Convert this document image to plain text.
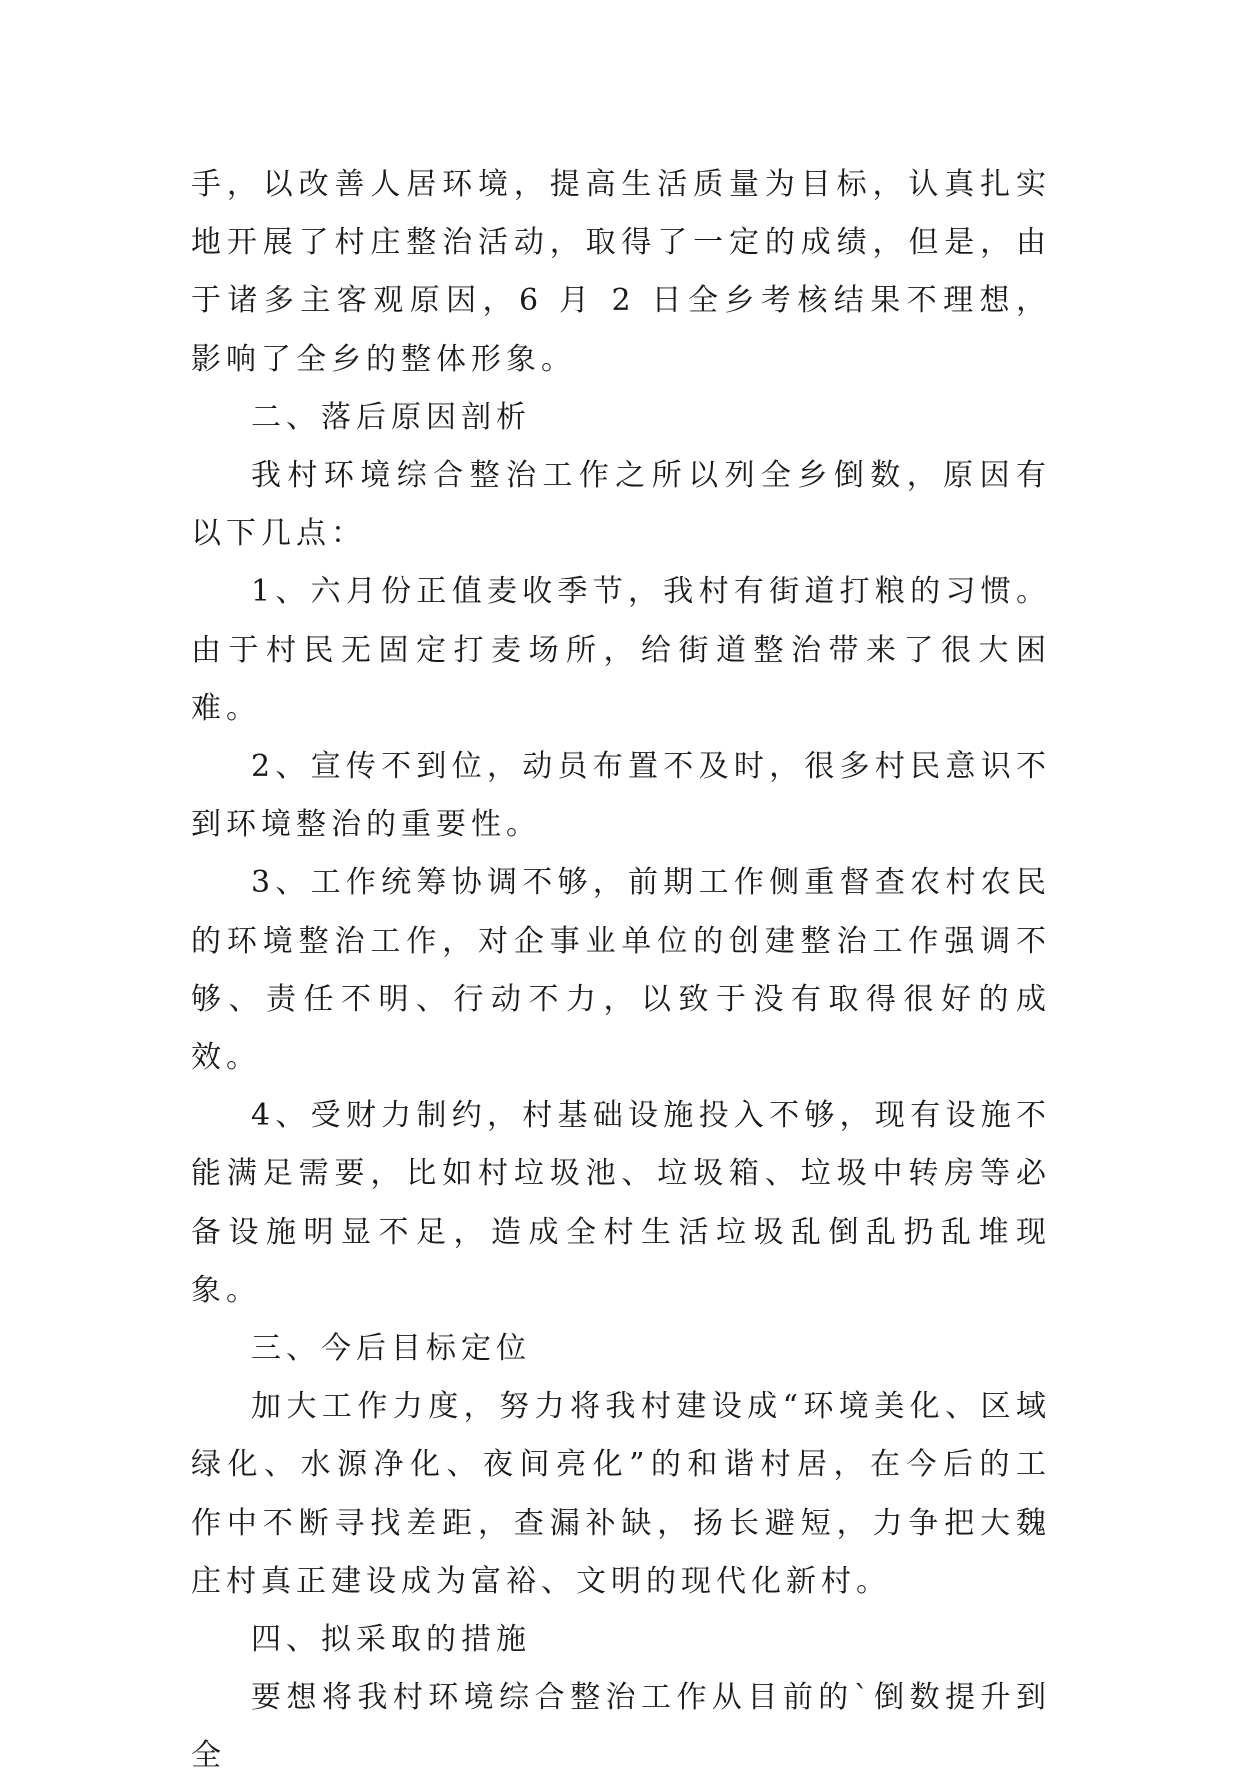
手，以改善人居环境，提高生活质量为目标，认真扎实地开展了村庄整治活动，取得了一定的成绩，但是，由于诸多主客观原因，6 月 2 日全乡考核结果不理想，影响了全乡的整体形象。

二、落后原因剖析

我村环境综合整治工作之所以列全乡倒数，原因有以下几点：

1、六月份正值麦收季节，我村有街道打粮的习惯。由于村民无固定打麦场所，给街道整治带来了很大困难。

2、宣传不到位，动员布置不及时，很多村民意识不到环境整治的重要性。

3、工作统筹协调不够，前期工作侧重督查农村农民的环境整治工作，对企事业单位的创建整治工作强调不够、责任不明、行动不力，以致于没有取得很好的成效。

4、受财力制约，村基础设施投入不够，现有设施不能满足需要，比如村垃圾池、垃圾箱、垃圾中转房等必备设施明显不足，造成全村生活垃圾乱倒乱扔乱堆现象。

三、今后目标定位

加大工作力度，努力将我村建设成“环境美化、区域绿化、水源净化、夜间亮化”的和谐村居，在今后的工作中不断寻找差距，查漏补缺，扬长避短，力争把大魏庄村真正建设成为富裕、文明的现代化新村。

四、拟采取的措施

要想将我村环境综合整治工作从目前的`倒数提升到全
